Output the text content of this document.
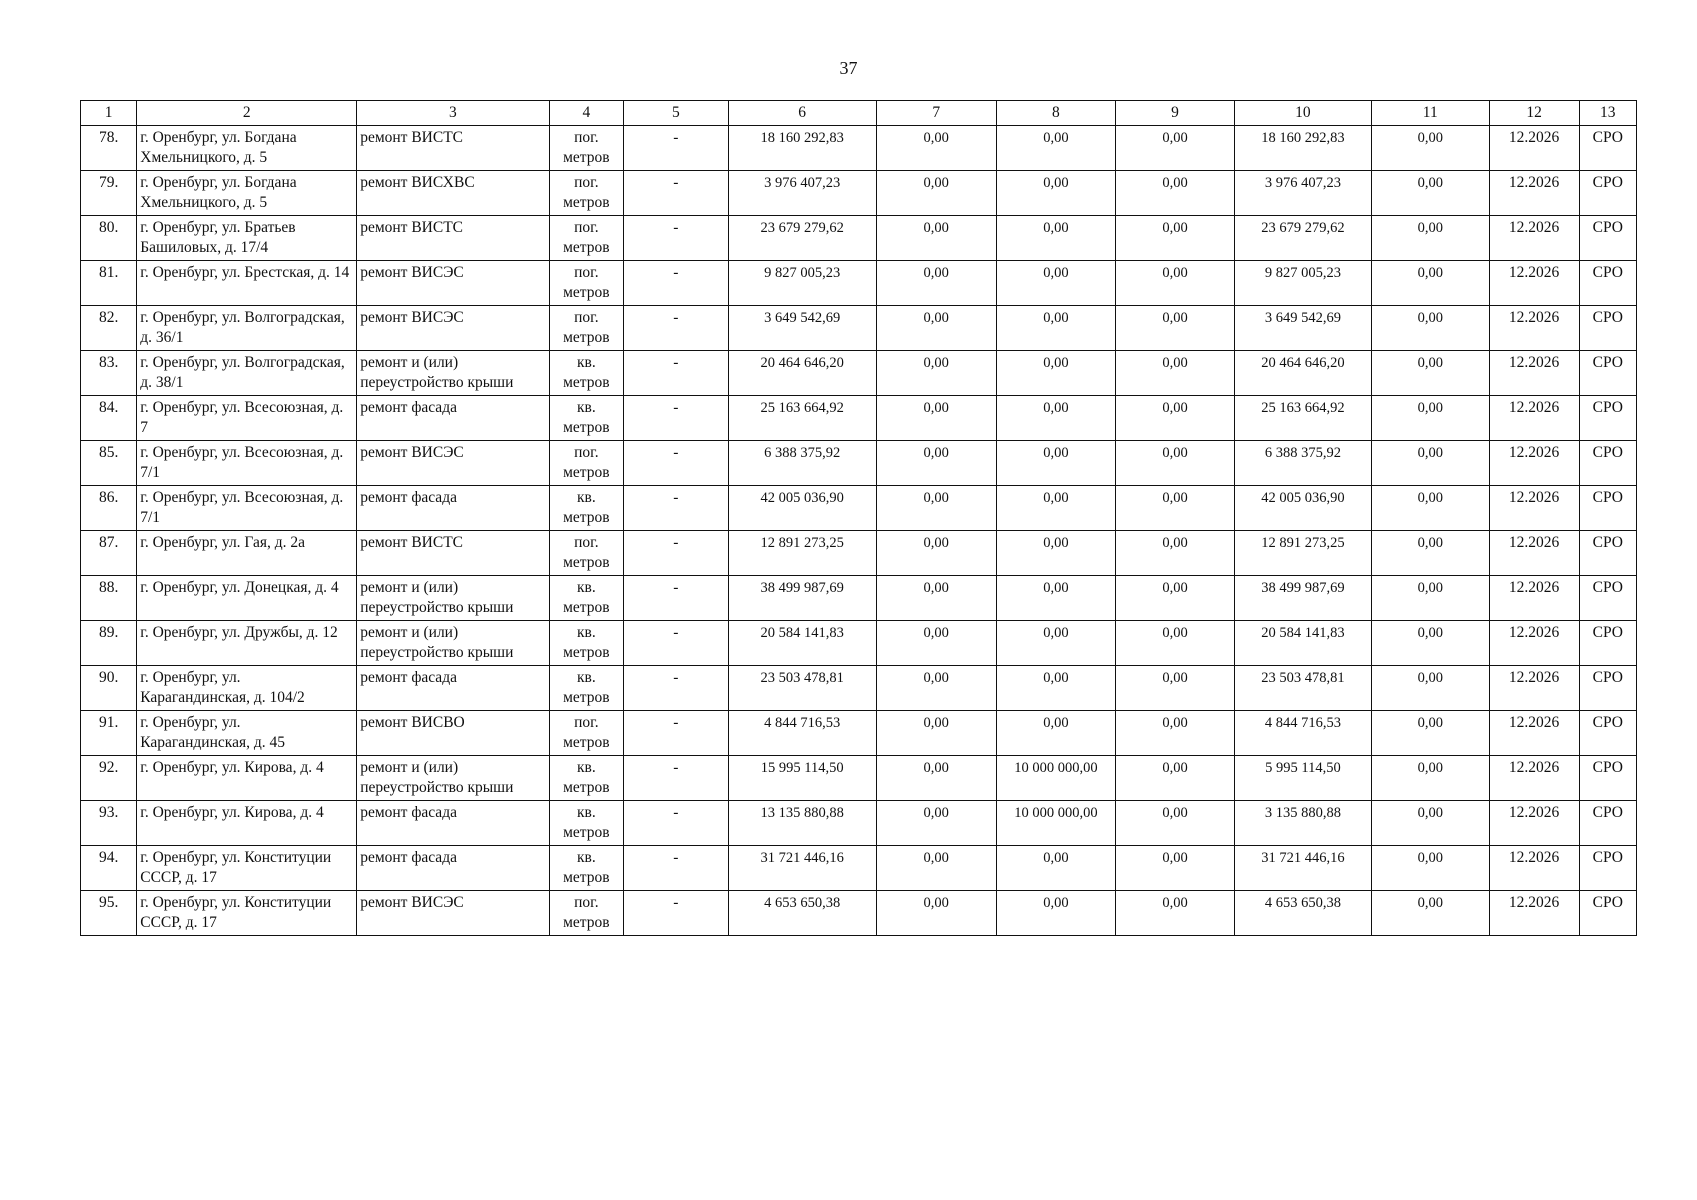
37
1	2	3	4	5	6	7	8	9	10	11	12	13
78.	г. Оренбург, ул. Богдана Хмельницкого, д. 5	ремонт ВИСТС	пог. метров	-	18 160 292,83	0,00	0,00	0,00	18 160 292,83	0,00	12.2026	СРО
79.	г. Оренбург, ул. Богдана Хмельницкого, д. 5	ремонт ВИСХВС	пог. метров	-	3 976 407,23	0,00	0,00	0,00	3 976 407,23	0,00	12.2026	СРО
80.	г. Оренбург, ул. Братьев Башиловых, д. 17/4	ремонт ВИСТС	пог. метров	-	23 679 279,62	0,00	0,00	0,00	23 679 279,62	0,00	12.2026	СРО
81.	г. Оренбург, ул. Брестская, д. 14	ремонт ВИСЭС	пог. метров	-	9 827 005,23	0,00	0,00	0,00	9 827 005,23	0,00	12.2026	СРО
82.	г. Оренбург, ул. Волгоградская, д. 36/1	ремонт ВИСЭС	пог. метров	-	3 649 542,69	0,00	0,00	0,00	3 649 542,69	0,00	12.2026	СРО
83.	г. Оренбург, ул. Волгоградская, д. 38/1	ремонт и (или) переустройство крыши	кв. метров	-	20 464 646,20	0,00	0,00	0,00	20 464 646,20	0,00	12.2026	СРО
84.	г. Оренбург, ул. Всесоюзная, д. 7	ремонт фасада	кв. метров	-	25 163 664,92	0,00	0,00	0,00	25 163 664,92	0,00	12.2026	СРО
85.	г. Оренбург, ул. Всесоюзная, д. 7/1	ремонт ВИСЭС	пог. метров	-	6 388 375,92	0,00	0,00	0,00	6 388 375,92	0,00	12.2026	СРО
86.	г. Оренбург, ул. Всесоюзная, д. 7/1	ремонт фасада	кв. метров	-	42 005 036,90	0,00	0,00	0,00	42 005 036,90	0,00	12.2026	СРО
87.	г. Оренбург, ул. Гая, д. 2а	ремонт ВИСТС	пог. метров	-	12 891 273,25	0,00	0,00	0,00	12 891 273,25	0,00	12.2026	СРО
88.	г. Оренбург, ул. Донецкая, д. 4	ремонт и (или) переустройство крыши	кв. метров	-	38 499 987,69	0,00	0,00	0,00	38 499 987,69	0,00	12.2026	СРО
89.	г. Оренбург, ул. Дружбы, д. 12	ремонт и (или) переустройство крыши	кв. метров	-	20 584 141,83	0,00	0,00	0,00	20 584 141,83	0,00	12.2026	СРО
90.	г. Оренбург, ул. Карагандинская, д. 104/2	ремонт фасада	кв. метров	-	23 503 478,81	0,00	0,00	0,00	23 503 478,81	0,00	12.2026	СРО
91.	г. Оренбург, ул. Карагандинская, д. 45	ремонт ВИСВО	пог. метров	-	4 844 716,53	0,00	0,00	0,00	4 844 716,53	0,00	12.2026	СРО
92.	г. Оренбург, ул. Кирова, д. 4	ремонт и (или) переустройство крыши	кв. метров	-	15 995 114,50	0,00	10 000 000,00	0,00	5 995 114,50	0,00	12.2026	СРО
93.	г. Оренбург, ул. Кирова, д. 4	ремонт фасада	кв. метров	-	13 135 880,88	0,00	10 000 000,00	0,00	3 135 880,88	0,00	12.2026	СРО
94.	г. Оренбург, ул. Конституции СССР, д. 17	ремонт фасада	кв. метров	-	31 721 446,16	0,00	0,00	0,00	31 721 446,16	0,00	12.2026	СРО
95.	г. Оренбург, ул. Конституции СССР, д. 17	ремонт ВИСЭС	пог. метров	-	4 653 650,38	0,00	0,00	0,00	4 653 650,38	0,00	12.2026	СРО
